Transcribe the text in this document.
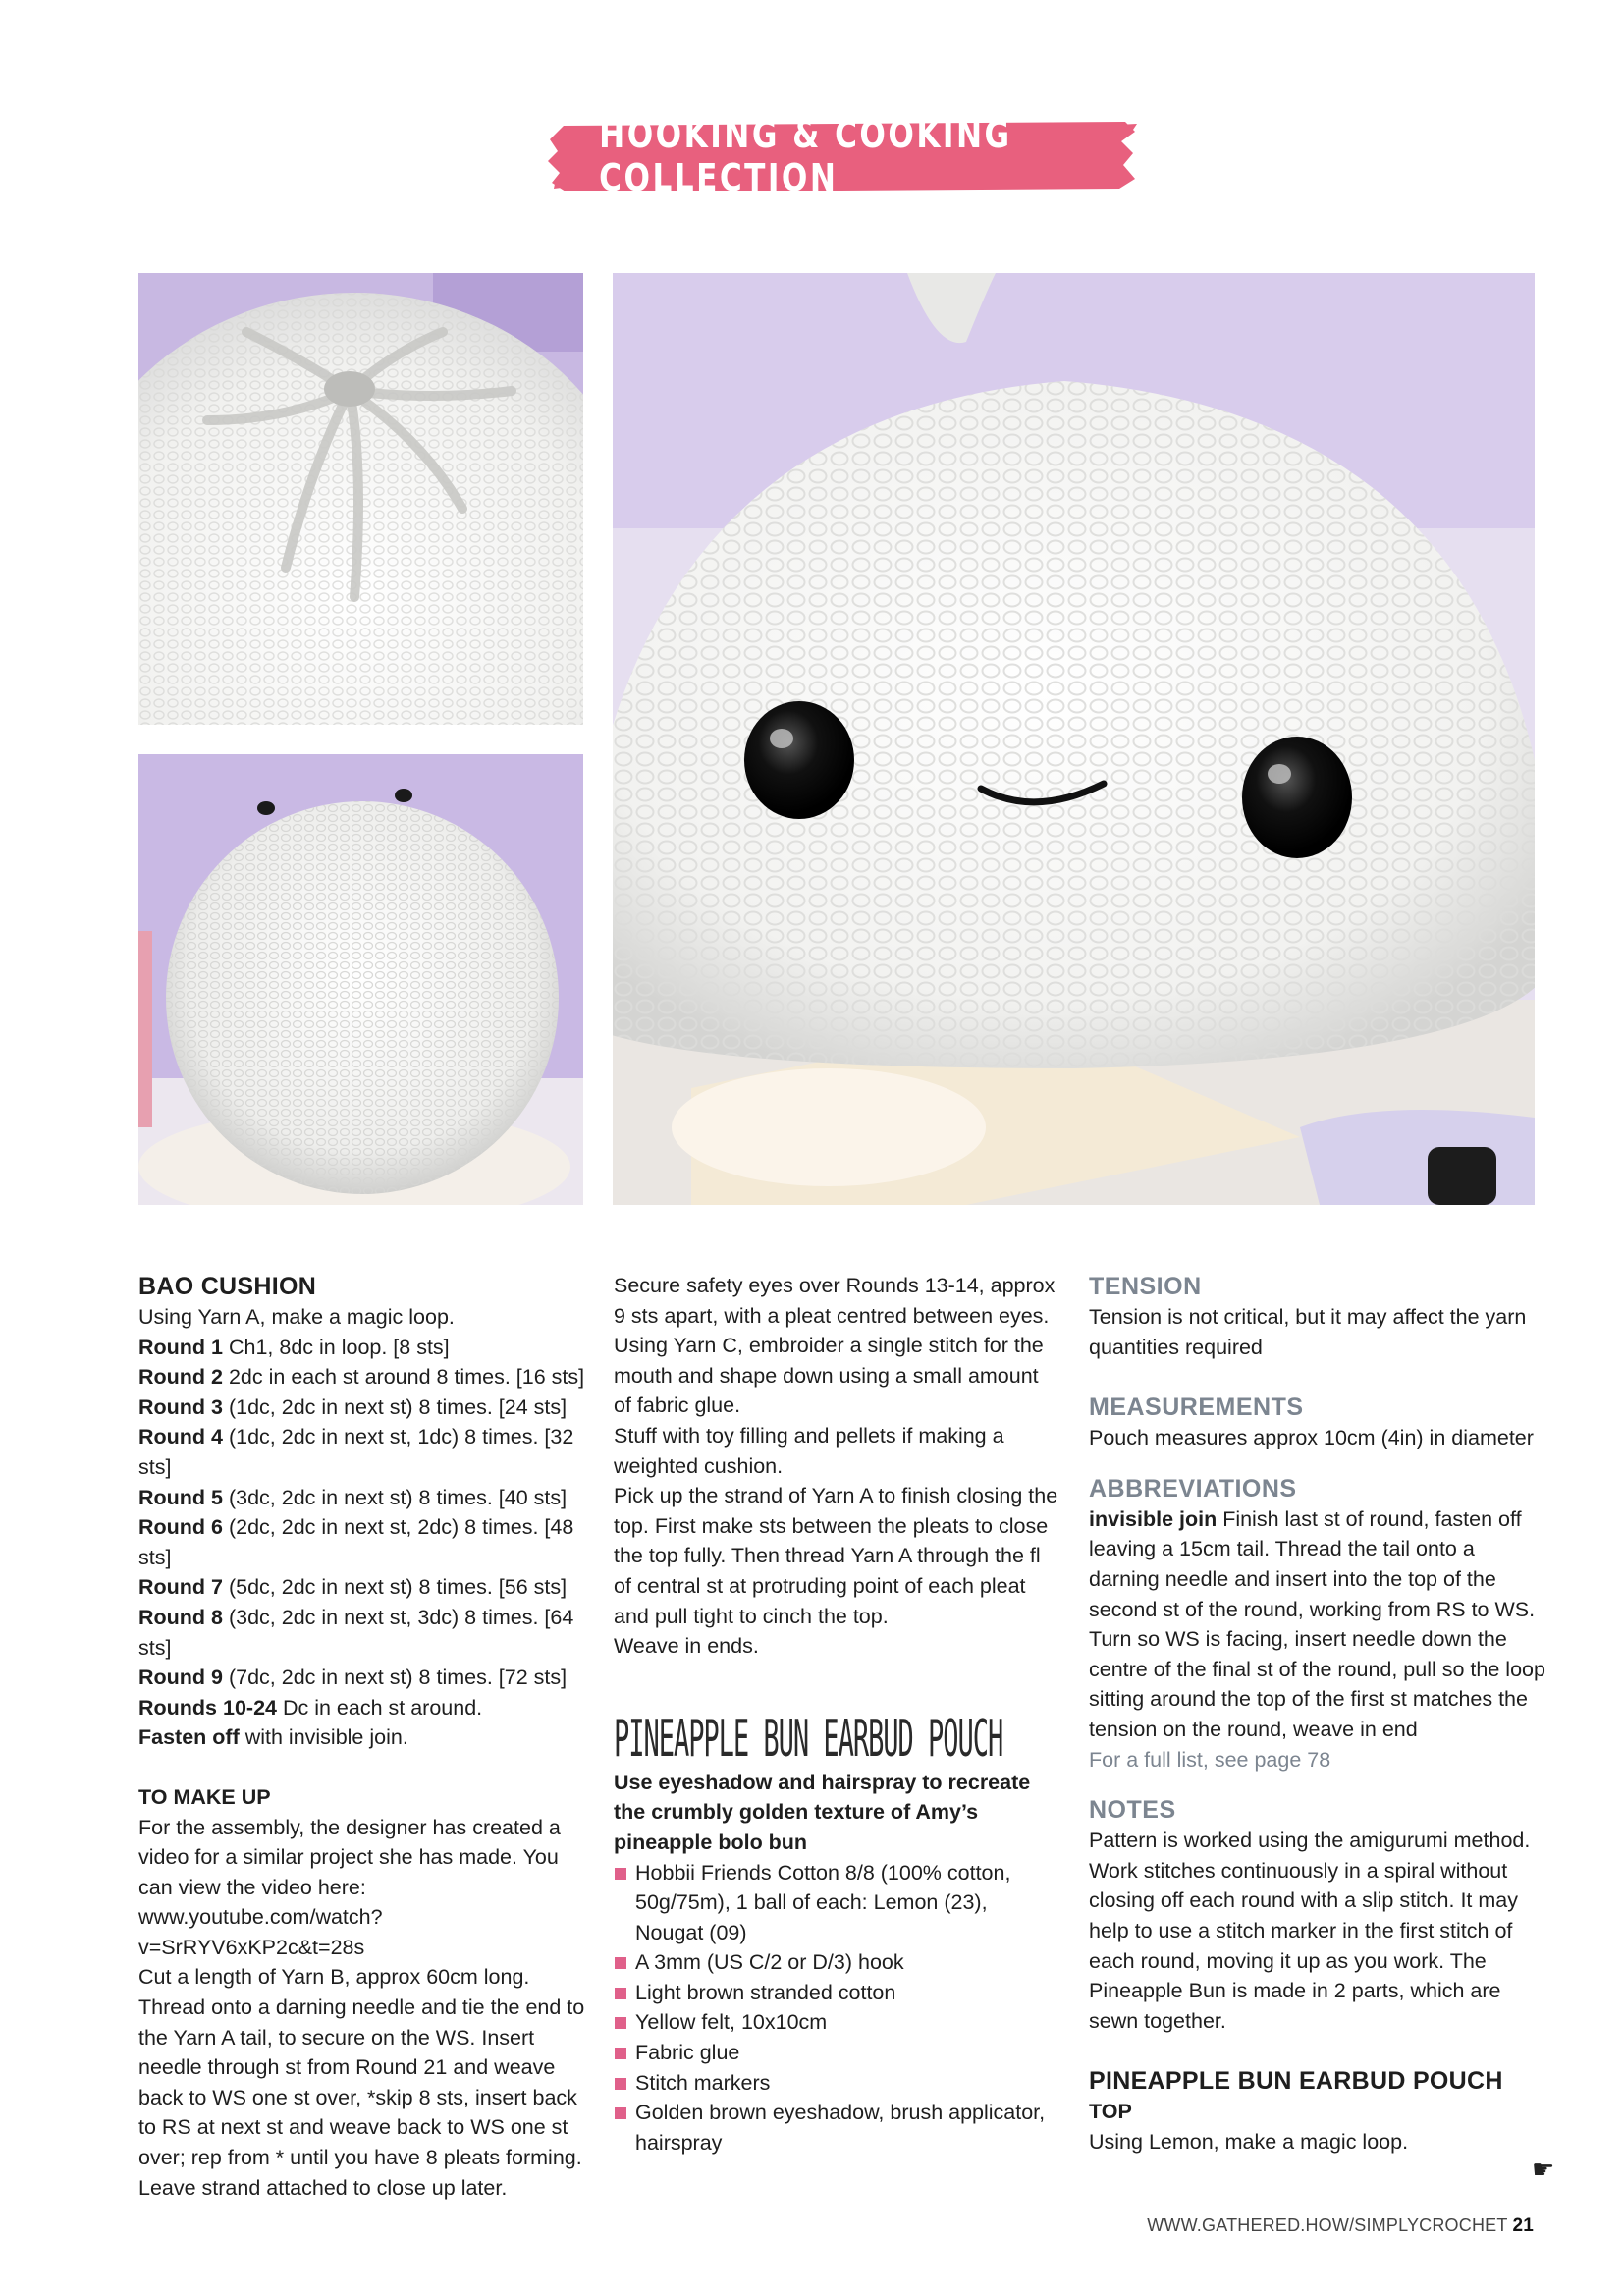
HOOKING & COOKING COLLECTION

BAO CUSHION

Using Yarn A, make a magic loop.

Round 1 Ch1, 8dc in loop. [8 sts]

Round 2 2dc in each st around 8 times. [16 sts]

Round 3 (1dc, 2dc in next st) 8 times. [24 sts]

Round 4 (1dc, 2dc in next st, 1dc) 8 times. [32 sts]

Round 5 (3dc, 2dc in next st) 8 times. [40 sts]

Round 6 (2dc, 2dc in next st, 2dc) 8 times. [48 sts]

Round 7 (5dc, 2dc in next st) 8 times. [56 sts]

Round 8 (3dc, 2dc in next st, 3dc) 8 times. [64 sts]

Round 9 (7dc, 2dc in next st) 8 times. [72 sts]

Rounds 10-24 Dc in each st around.

Fasten off with invisible join.

TO MAKE UP

For the assembly, the designer has created a video for a similar project she has made. You can view the video here: www.youtube.com/watch?v=SrRYV6xKP2c&t=28s

Cut a length of Yarn B, approx 60cm long. Thread onto a darning needle and tie the end to the Yarn A tail, to secure on the WS. Insert needle through st from Round 21 and weave back to WS one st over, *skip 8 sts, insert back to RS at next st and weave back to WS one st over; rep from * until you have 8 pleats forming. Leave strand attached to close up later.

Secure safety eyes over Rounds 13-14, approx 9 sts apart, with a pleat centred between eyes.

Using Yarn C, embroider a single stitch for the mouth and shape down using a small amount of fabric glue.

Stuff with toy filling and pellets if making a weighted cushion.

Pick up the strand of Yarn A to finish closing the top. First make sts between the pleats to close the top fully. Then thread Yarn A through the fl of central st at protruding point of each pleat and pull tight to cinch the top.

Weave in ends.

PINEAPPLE BUN EARBUD POUCH

Use eyeshadow and hairspray to recreate the crumbly golden texture of Amy’s pineapple bolo bun

Hobbii Friends Cotton 8/8 (100% cotton, 50g/75m), 1 ball of each: Lemon (23), Nougat (09)
A 3mm (US C/2 or D/3) hook
Light brown stranded cotton
Yellow felt, 10x10cm
Fabric glue
Stitch markers
Golden brown eyeshadow, brush applicator, hairspray

TENSION

Tension is not critical, but it may affect the yarn quantities required

MEASUREMENTS

Pouch measures approx 10cm (4in) in diameter

ABBREVIATIONS

invisible join Finish last st of round, fasten off leaving a 15cm tail. Thread the tail onto a darning needle and insert into the top of the second st of the round, working from RS to WS. Turn so WS is facing, insert needle down the centre of the final st of the round, pull so the loop sitting around the top of the first st matches the tension on the round, weave in end

For a full list, see page 78

NOTES

Pattern is worked using the amigurumi method. Work stitches continuously in a spiral without closing off each round with a slip stitch. It may help to use a stitch marker in the first stitch of each round, moving it up as you work. The Pineapple Bun is made in 2 parts, which are sewn together.

PINEAPPLE BUN EARBUD POUCH

TOP

Using Lemon, make a magic loop.

☛
WWW.GATHERED.HOW/SIMPLYCROCHET 21
